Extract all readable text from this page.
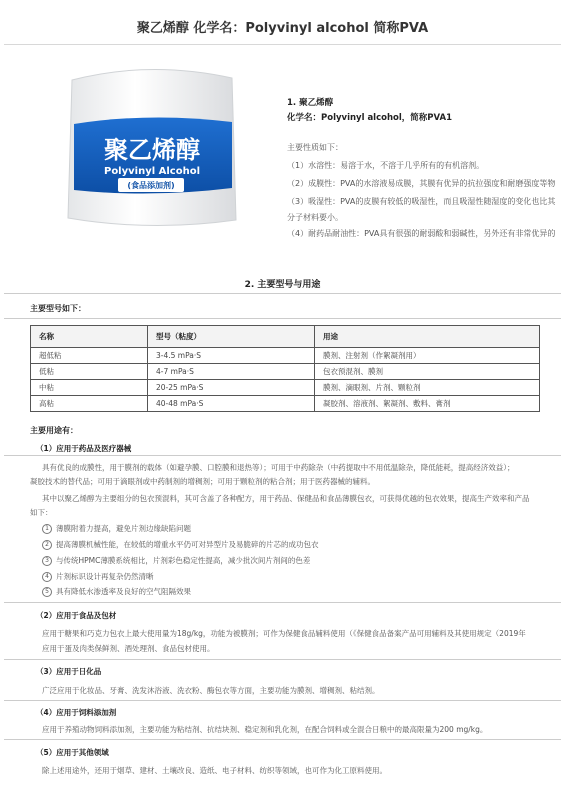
聚乙烯醇 化学名：Polyvinyl alcohol 简称PVA
聚乙烯醇
Polyvinyl Alcohol
(食品添加剂)
1. 聚乙烯醇
化学名：Polyvinyl alcohol，简称PVA1
主要性质如下：
（1）水溶性：易溶于水，不溶于几乎所有的有机溶剂。
（2）成膜性：PVA的水溶液易成膜，其膜有优异的抗拉强度和耐磨强度等物
（3）吸湿性：PVA的皮膜有较低的吸湿性，而且吸湿性随湿度的变化也比其
分子材料要小。
（4）耐药品耐油性：PVA具有很强的耐弱酸和弱碱性，另外还有非常优异的
2. 主要型号与用途
主要型号如下：
名称	型号（粘度）	用途
超低粘	3-4.5 mPa·S	膜剂、注射剂（作絮凝剂用）
低粘	4-7 mPa·S	包衣预混剂、膜剂
中粘	20-25 mPa·S	膜剂、滴眼剂、片剂、颗粒剂
高粘	40-48 mPa·S	凝胶剂、溶液剂、絮凝剂、敷料、膏剂
主要用途有：
（1）应用于药品及医疗器械
具有优良的成膜性，用于膜剂的载体（如避孕膜、口腔膜和退热等）；可用于中药除杂（中药提取中不用低温除杂，降低能耗，提高经济效益）；
凝胶技术的替代品；可用于滴眼剂或中药制剂的增稠剂；可用于颗粒剂的粘合剂；用于医药器械的辅料。
其中以聚乙烯醇为主要组分的包衣预混料，其可含盖了各种配方，用于药品、保健品和食品薄膜包衣，可获得优越的包衣效果，提高生产效率和产品
如下：
1 薄膜附着力提高，避免片剂边缘缺陷问题
2 提高薄膜机械性能，在较低的增重水平仍可对异型片及易脆碎的片芯的成功包衣
3 与传统HPMC薄膜系统相比，片剂彩色稳定性提高，减少批次间片剂间的色差
4 片剂标识设计再复杂仍然清晰
5 具有降低水渗透率及良好的空气阻隔效果
（2）应用于食品及包材
应用于糖果和巧克力包衣上最大使用量为18g/kg，功能为被膜剂；可作为保健食品辅料使用（《保健食品备案产品可用辅料及其使用规定（2019年
应用于蛋及肉类保鲜剂、酒处理剂、食品包材使用。
（3）应用于日化品
广泛应用于化妆品、牙膏、洗发沐浴液、洗衣粉、酶包衣等方面，主要功能为膜剂、增稠剂、粘结剂。
（4）应用于饲料添加剂
应用于养殖动物饲料添加剂，主要功能为粘结剂、抗结块剂、稳定剂和乳化剂，在配合饲料或全混合日粮中的最高限量为200 mg/kg。
（5）应用于其他领域
除上述用途外，还用于烟草、建材、土壤改良、造纸、电子材料、纺织等领域，也可作为化工原料使用。
